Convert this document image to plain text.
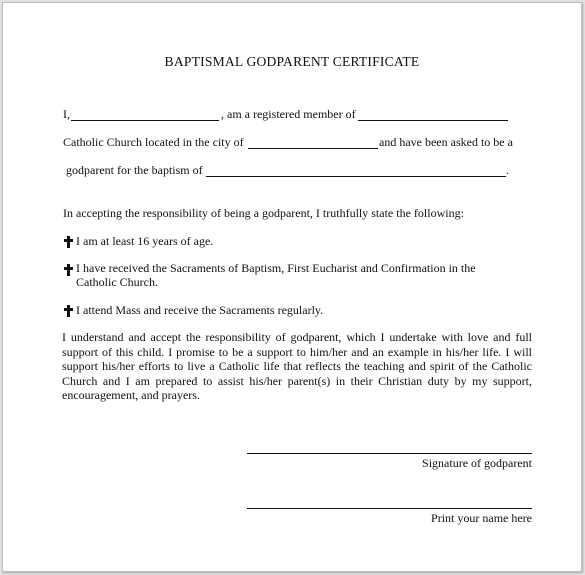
BAPTISMAL GODPARENT CERTIFICATE
I,	, am a registered member of
Catholic Church located in the city of	and have been asked to be a
godparent for the baptism of	.
In accepting the responsibility of being a godparent, I truthfully state the following:
I am at least 16 years of age.
I have received the Sacraments of Baptism, First Eucharist and Confirmation in the
Catholic Church.
I attend Mass and receive the Sacraments regularly.
I understand and accept the responsibility of godparent, which I undertake with love and full support of this child. I promise to be a support to him/her and an example in his/her life. I will support his/her efforts to live a Catholic life that reflects the teaching and spirit of the Catholic Church and I am prepared to assist his/her parent(s) in their Christian duty by my support, encouragement, and prayers.
Signature of godparent
Print your name here
